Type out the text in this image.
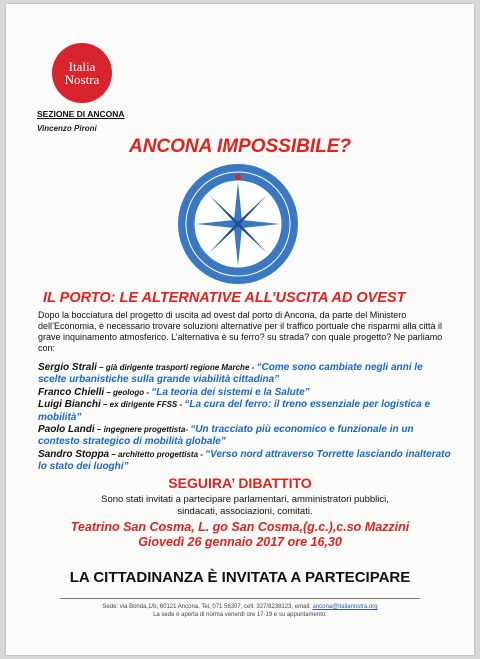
Italia
Nostra
SEZIONE DI ANCONA
Vincenzo Pironi
ANCONA IMPOSSIBILE?
IL PORTO: LE ALTERNATIVE ALL’USCITA AD OVEST
Dopo la bocciatura del progetto di uscita ad ovest dal porto di Ancona, da parte del Ministero dell’Economia, è necessario trovare soluzioni alternative per il traffico portuale che risparmi alla città il grave inquinamento atmosferico. L’alternativa è su ferro? su strada? con quale progetto? Ne parliamo con:

Sergio Strali – già dirigente trasporti regione Marche - “Come sono cambiate negli anni le scelte urbanistiche sulla grande viabilità cittadina”

Franco Chielli – geologo - “La teoria dei sistemi e la Salute”

Luigi Bianchi – ex dirigente FFSS - “La cura del ferro: il treno essenziale per logistica e mobilità”

Paolo Landi – ingegnere progettista- “Un tracciato più economico e funzionale in un contesto strategico di mobilità globale”

Sandro Stoppa – architetto progettista - “Verso nord attraverso Torrette lasciando inalterato lo stato dei luoghi”

SEGUIRA’ DIBATTITO
Sono stati invitati a partecipare parlamentari, amministratori pubblici, sindacati, associazioni, comitati.
Teatrino San Cosma, L. go San Cosma,(g.c.),c.so Mazzini
Giovedì 26 gennaio 2017 ore 16,30
LA CITTADINANZA È INVITATA A PARTECIPARE
Sede: via Bonda,1/b, 60121 Ancona. Tel. 071 56307, cell. 327/8238123, email: ancona@italianostra.org
La sede è aperta di norma venerdì ore 17-19 e su appuntamento.
